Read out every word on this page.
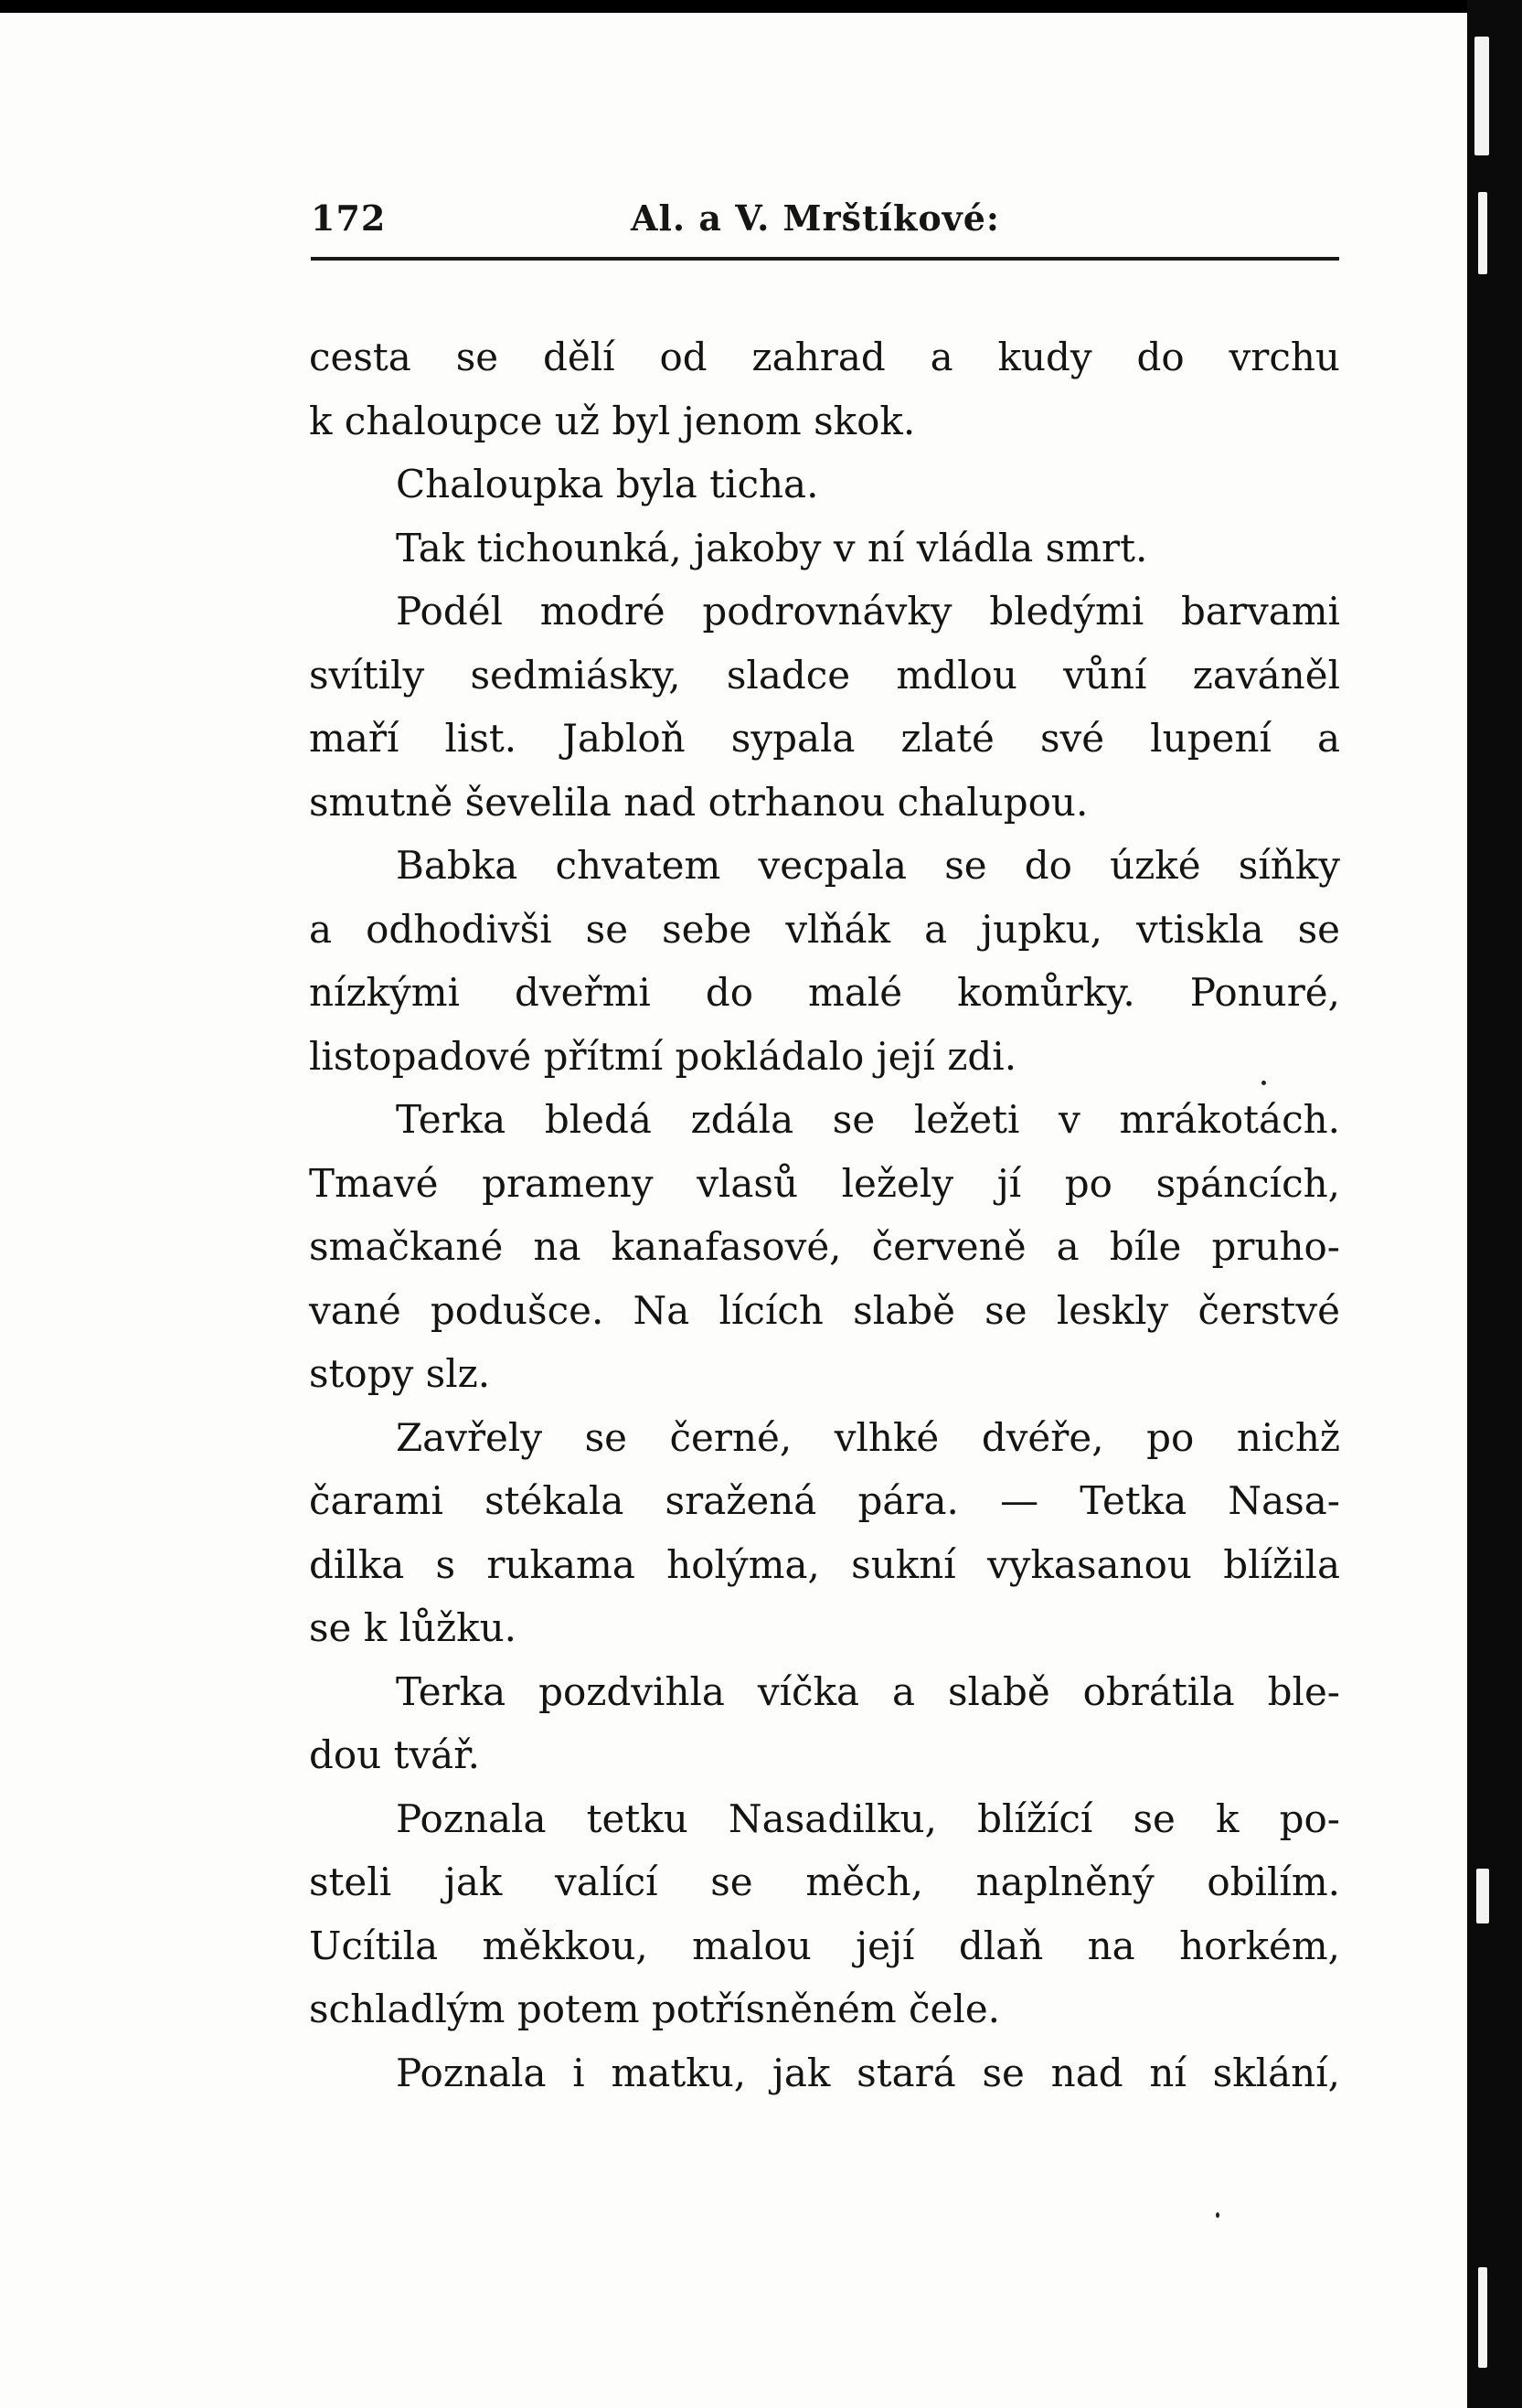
172	Al. a V. Mrštíkové:
cesta se dělí od zahrad a kudy do vrchu
k chaloupce už byl jenom skok.
Chaloupka byla ticha.
Tak tichounká, jakoby v ní vládla smrt.
Podél modré podrovnávky bledými barvami
svítily sedmiásky, sladce mdlou vůní zaváněl
maří list. Jabloň sypala zlaté své lupení a
smutně ševelila nad otrhanou chalupou.
Babka chvatem vecpala se do úzké síňky
a odhodivši se sebe vlňák a jupku, vtiskla se
nízkými dveřmi do malé komůrky. Ponuré,
listopadové přítmí pokládalo její zdi.
Terka bledá zdála se ležeti v mrákotách.
Tmavé prameny vlasů ležely jí po spáncích,
smačkané na kanafasové, červeně a bíle pruho-
vané podušce. Na lících slabě se leskly čerstvé
stopy slz.
Zavřely se černé, vlhké dvéře, po nichž
čarami stékala sražená pára. — Tetka Nasa-
dilka s rukama holýma, sukní vykasanou blížila
se k lůžku.
Terka pozdvihla víčka a slabě obrátila ble-
dou tvář.
Poznala tetku Nasadilku, blížící se k po-
steli jak valící se měch, naplněný obilím.
Ucítila měkkou, malou její dlaň na horkém,
schladlým potem potřísněném čele.
Poznala i matku, jak stará se nad ní sklání,
